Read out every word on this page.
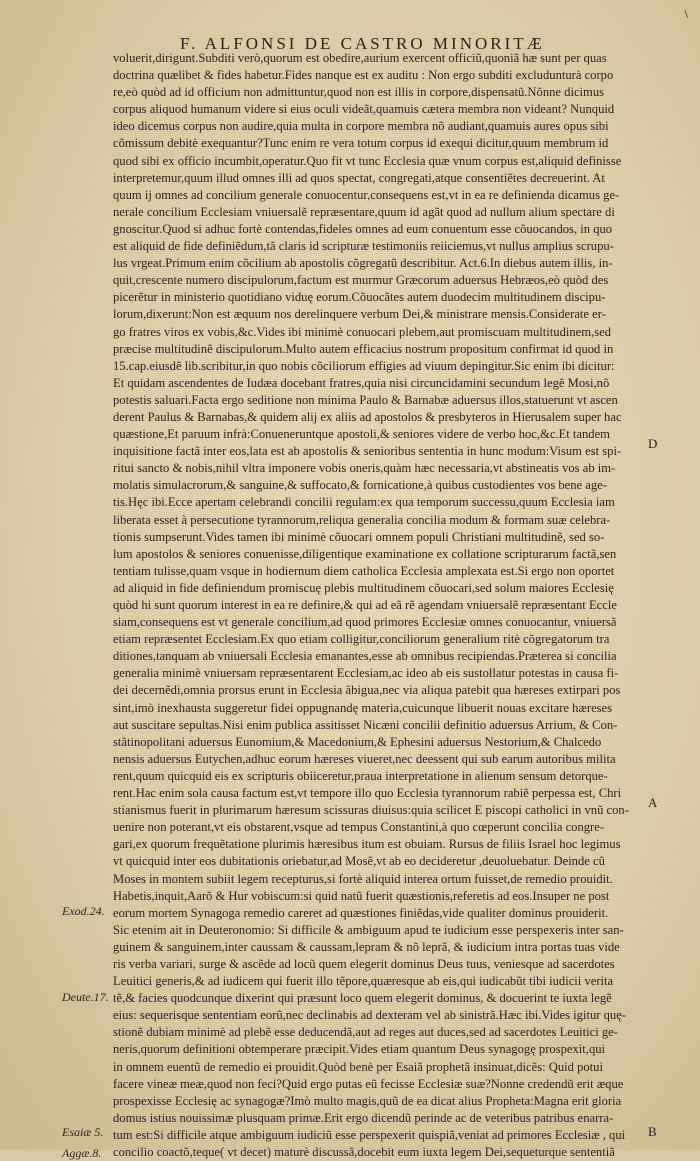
\
F. ALFONSI DE CASTRO MINORITÆ
voluerit,dirigunt.Subditi verò,quorum est obedire,aurium exercent officiũ,quoniã hæ sunt per quas
doctrina quælibet & fides habetur.Fides nanque est ex auditu : Non ergo subditi excludunturà corpo
re,eò quòd ad id officium non admittuntur,quod non est illis in corpore,dispensatũ.Nõnne dicimus
corpus aliquod humanum videre si eius oculi videãt,quamuis cætera membra non videant? Nunquid
ideo dicemus corpus non audire,quia multa in corpore membra nõ audiant,quamuis aures opus sibi
cõmissum debitè exequantur?Tunc enim re vera totum corpus id exequi dicitur,quum membrum id
quod sibi ex officio incumbit,operatur.Quo fit vt tunc Ecclesia quæ vnum corpus est,aliquid definisse
interpretemur,quum illud omnes illi ad quos spectat, congregati,atque consentiẽtes decreuerint. At
quum ij omnes ad concilium generale conuocentur,consequens est,vt in ea re definienda dicamus ge-
nerale concilium Ecclesiam vniuersalẽ repræsentare,quum id agãt quod ad nullum alium spectare di
gnoscitur.Quod si adhuc fortè contendas,fideles omnes ad eum conuentum esse cõuocandos, in quo
est aliquid de fide definiẽdum,tã claris id scripturæ testimoniis reiiciemus,vt nullus amplius scrupu-
lus vrgeat.Primum enim cõcilium ab apostolis cõgregatũ describitur. Act.6.In diebus autem illis, in-
quit,crescente numero discipulorum,factum est murmur Græcorum aduersus Hebræos,eò quòd des
picerẽtur in ministerio quotidiano viduę eorum.Cõuocãtes autem duodecim multitudinem discipu-
lorum,dixerunt:Non est æquum nos derelinquere verbum Dei,& ministrare mensis.Considerate er-
go fratres viros ex vobis,&c.Vides ibi minimè conuocari plebem,aut promiscuam multitudinem,sed
præcise multitudinẽ discipulorum.Multo autem efficacius nostrum propositum confirmat id quod in
15.cap.eiusdẽ lib.scribitur,in quo nobis cõciliorum effigies ad viuum depingitur.Sic enim ibi dicitur:
Et quidam ascendentes de Iudæa docebant fratres,quia nisi circuncidamini secundum legẽ Mosi,nõ
potestis saluari.Facta ergo seditione non minima Paulo & Barnabæ aduersus illos,statuerunt vt ascen
derent Paulus & Barnabas,& quidem alij ex aliis ad apostolos & presbyteros in Hierusalem super hac
quæstione,Et paruum infrà:Conueneruntque apostoli,& seniores videre de verbo hoc,&c.Et tandem
inquisitione factã inter eos,lata est ab apostolis & senioribus sententia in hunc modum:Visum est spi-
ritui sancto & nobis,nihil vltra imponere vobis oneris,quàm hæc necessaria,vt abstineatis vos ab im-
molatis simulacrorum,& sanguine,& suffocato,& fornicatione,à quibus custodientes vos bene age-
tis.Hęc ibi.Ecce apertam celebrandi concilii regulam:ex qua temporum successu,quum Ecclesia iam
liberata esset à persecutione tyrannorum,reliqua generalia concilia modum & formam suæ celebra-
tionis sumpserunt.Vides tamen ibi minimè cõuocari omnem populi Christiani multitudinẽ, sed so-
lum apostolos & seniores conuenisse,diligentique examinatione ex collatione scripturarum factã,sen
tentiam tulisse,quam vsque in hodiernum diem catholica Ecclesia amplexata est.Si ergo non oportet
ad aliquid in fide definiendum promiscuę plebis multitudinem cõuocari,sed solum maiores Ecclesię
quòd hi sunt quorum interest in ea re definire,& qui ad eã rẽ agendam vniuersalẽ repræsentant Eccle
siam,consequens est vt generale concilium,ad quod primores Ecclesiæ omnes conuocantur, vniuersã
etiam repræsentet Ecclesiam.Ex quo etiam colligitur,conciliorum generalium ritè cõgregatorum tra
ditiones,tanquam ab vniuersali Ecclesia emanantes,esse ab omnibus recipiendas.Præterea si concilia
generalia minimè vniuersam repræsentarent Ecclesiam,ac ideo ab eis sustollatur potestas in causa fi-
dei decernẽdi,omnia prorsus erunt in Ecclesia ãbigua,nec via aliqua patebit qua hæreses extirpari pos
sint,imò inexhausta suggeretur fidei oppugnandę materia,cuicunque libuerit nouas excitare hæreses
aut suscitare sepultas.Nisi enim publica assitisset Nicæni concilii definitio aduersus Arrium, & Con-
stãtinopolitani aduersus Eunomium,& Macedonium,& Ephesini aduersus Nestorium,& Chalcedo
nensis aduersus Eutychen,adhuc eorum hæreses viueret,nec deessent qui sub earum autoribus milita
rent,quum quicquid eis ex scripturis obiiceretur,praua interpretatione in alienum sensum detorque-
rent.Hac enim sola causa factum est,vt tempore illo quo Ecclesia tyrannorum rabiẽ perpessa est, Chri
stianismus fuerit in plurimarum hæresum scissuras diuisus:quia scilicet E piscopi catholici in vnũ con-
uenire non poterant,vt eis obstarent,vsque ad tempus Constantini,à quo cœperunt concilia congre-
gari,ex quorum frequẽtatione plurimis hæresibus itum est obuiam. Rursus de filiis Israel hoc legimus
vt quicquid inter eos dubitationis oriebatur,ad Mosẽ,vt ab eo decideretur ,deuoluebatur. Deinde cũ
Moses in montem subiit legem recepturus,si fortè aliquid interea ortum fuisset,de remedio prouidit.
Habetis,inquit,Aarõ & Hur vobiscum:si quid natũ fuerit quæstionis,referetis ad eos.Insuper ne post
eorum mortem Synagoga remedio careret ad quæstiones finiẽdas,vide qualiter dominus prouiderit.
Sic etenim ait in Deuteronomio: Si difficile & ambiguum apud te iudicium esse perspexeris inter san-
guinem & sanguinem,inter caussam & caussam,lepram & nõ leprã, & iudicium intra portas tuas vide
ris verba variari, surge & ascẽde ad locũ quem elegerit dominus Deus tuus, veniesque ad sacerdotes
Leuitici generis,& ad iudicem qui fuerit illo tẽpore,quæresque ab eis,qui iudicabũt tibi iudicii verita
tẽ,& facies quodcunque dixerint qui præsunt loco quem elegerit dominus, & docuerint te iuxta legẽ
eius: sequerisque sententiam eorũ,nec declinabis ad dexteram vel ab sinistrã.Hæc ibi.Vides igitur quę-
stionẽ dubiam minimè ad plebẽ esse deducendã,aut ad reges aut duces,sed ad sacerdotes Leuitici ge-
neris,quorum definitioni obtemperare præcipit.Vides etiam quantum Deus synagogę prospexit,qui
in omnem euentũ de remedio ei prouidit.Quòd benè per Esaiã prophetã insinuat,dicẽs: Quid potui
facere vineæ meæ,quod non feci?Quid ergo putas eũ fecisse Ecclesiæ suæ?Nonne credendũ erit æque
prospexisse Ecclesię ac synagogæ?Imò multo magis,quũ de ea dicat alius Propheta:Magna erit gloria
domus istius nouissimæ plusquam primæ.Erit ergo dicendũ perinde ac de veteribus patribus enarra-
tum est:Si difficile atque ambiguum iudiciũ esse perspexerit quispiã,veniat ad primores Ecclesiæ , qui
concilio coactõ,teque( vt decet) maturè discussã,docebit eum iuxta legem Dei,sequeturque sententiã
Exod.24.
Deute.17.
Esaiæ 5.
Aggæ.8.
D
A
B
